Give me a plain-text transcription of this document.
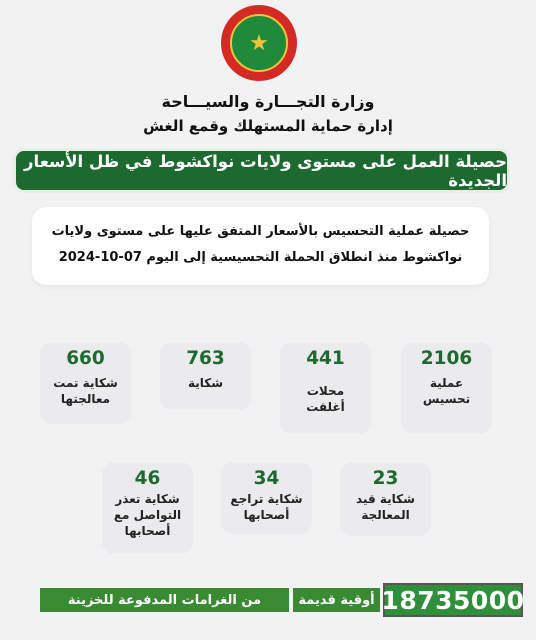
★
وزارة التجـــارة والسيـــاحة
إدارة حماية المستهلك وقمع الغش
حصيلة العمل على مستوى ولايات نواكشوط في ظل الأسعار الجديدة
حصيلة عملية التحسيس بالأسعار المتفق عليها على مستوى ولايات
نواكشوط منذ انطلاق الحملة التحسيسية إلى اليوم 07-10-2024
2106
عملية
تحسيس
441
محلات
أغلقت
763
شكاية
660
شكاية تمت
معالجتها
23
شكاية قيد
المعالجة
34
شكاية تراجع
أصحابها
46
شكاية تعذر
التواصل مع
أصحابها
من الغرامات المدفوعة للخزينة	أوقية قديمة 18735000
